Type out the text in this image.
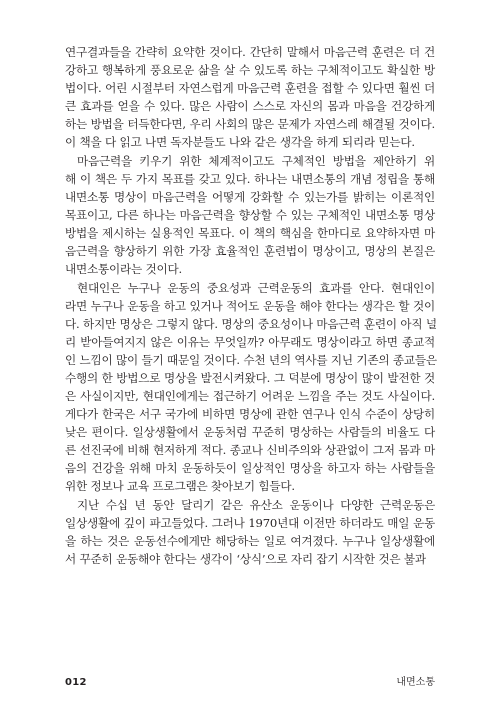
연구결과들을 간략히 요약한 것이다. 간단히 말해서 마음근력 훈련은 더 건
강하고 행복하게 풍요로운 삶을 살 수 있도록 하는 구체적이고도 확실한 방
법이다. 어린 시절부터 자연스럽게 마음근력 훈련을 접할 수 있다면 훨씬 더
큰 효과를 얻을 수 있다. 많은 사람이 스스로 자신의 몸과 마음을 건강하게
하는 방법을 터득한다면, 우리 사회의 많은 문제가 자연스레 해결될 것이다.
이 책을 다 읽고 나면 독자분들도 나와 같은 생각을 하게 되리라 믿는다.
마음근력을 키우기 위한 체계적이고도 구체적인 방법을 제안하기 위
해 이 책은 두 가지 목표를 갖고 있다. 하나는 내면소통의 개념 정립을 통해
내면소통 명상이 마음근력을 어떻게 강화할 수 있는가를 밝히는 이론적인
목표이고, 다른 하나는 마음근력을 향상할 수 있는 구체적인 내면소통 명상
방법을 제시하는 실용적인 목표다. 이 책의 핵심을 한마디로 요약하자면 마
음근력을 향상하기 위한 가장 효율적인 훈련법이 명상이고, 명상의 본질은
내면소통이라는 것이다.
현대인은 누구나 운동의 중요성과 근력운동의 효과를 안다. 현대인이
라면 누구나 운동을 하고 있거나 적어도 운동을 해야 한다는 생각은 할 것이
다. 하지만 명상은 그렇지 않다. 명상의 중요성이나 마음근력 훈련이 아직 널
리 받아들여지지 않은 이유는 무엇일까? 아무래도 명상이라고 하면 종교적
인 느낌이 많이 들기 때문일 것이다. 수천 년의 역사를 지닌 기존의 종교들은
수행의 한 방법으로 명상을 발전시켜왔다. 그 덕분에 명상이 많이 발전한 것
은 사실이지만, 현대인에게는 접근하기 어려운 느낌을 주는 것도 사실이다.
게다가 한국은 서구 국가에 비하면 명상에 관한 연구나 인식 수준이 상당히
낮은 편이다. 일상생활에서 운동처럼 꾸준히 명상하는 사람들의 비율도 다
른 선진국에 비해 현저하게 적다. 종교나 신비주의와 상관없이 그저 몸과 마
음의 건강을 위해 마치 운동하듯이 일상적인 명상을 하고자 하는 사람들을
위한 정보나 교육 프로그램은 찾아보기 힘들다.
지난 수십 년 동안 달리기 같은 유산소 운동이나 다양한 근력운동은
일상생활에 깊이 파고들었다. 그러나 1970년대 이전만 하더라도 매일 운동
을 하는 것은 운동선수에게만 해당하는 일로 여겨졌다. 누구나 일상생활에
서 꾸준히 운동해야 한다는 생각이 ‘상식’으로 자리 잡기 시작한 것은 불과
012	내면소통
